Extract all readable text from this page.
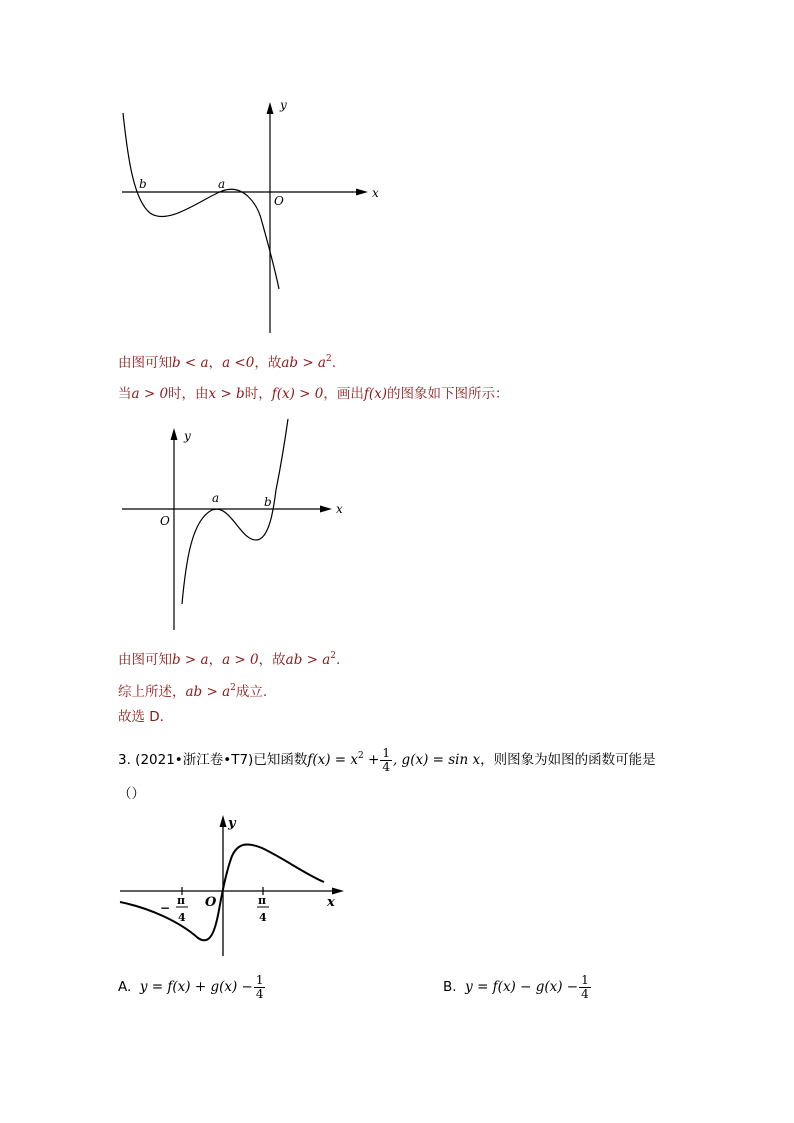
b	a
O
x
y
由图可知b < a，a <0，故ab > $a^2$.
当a > 0时，由x > b时，f(x) > 0，画出f(x)的图象如下图所示：
a	b
O
x
y
由图可知b > a，a > 0，故ab > $a^2$.
综上所述，ab > $a^2$成立.
故选 D．
3. (2021•浙江卷•T7)已知函数$f(x) = x^2 + \frac{1}{4}$ , g(x) = sin x，则图象为如图的函数可能是
（）
y
x
O
−
π
4
π
4
A. $y = f(x) + g(x) - \frac{1}{4}$	B. $y = f(x) - g(x) - \frac{1}{4}$
